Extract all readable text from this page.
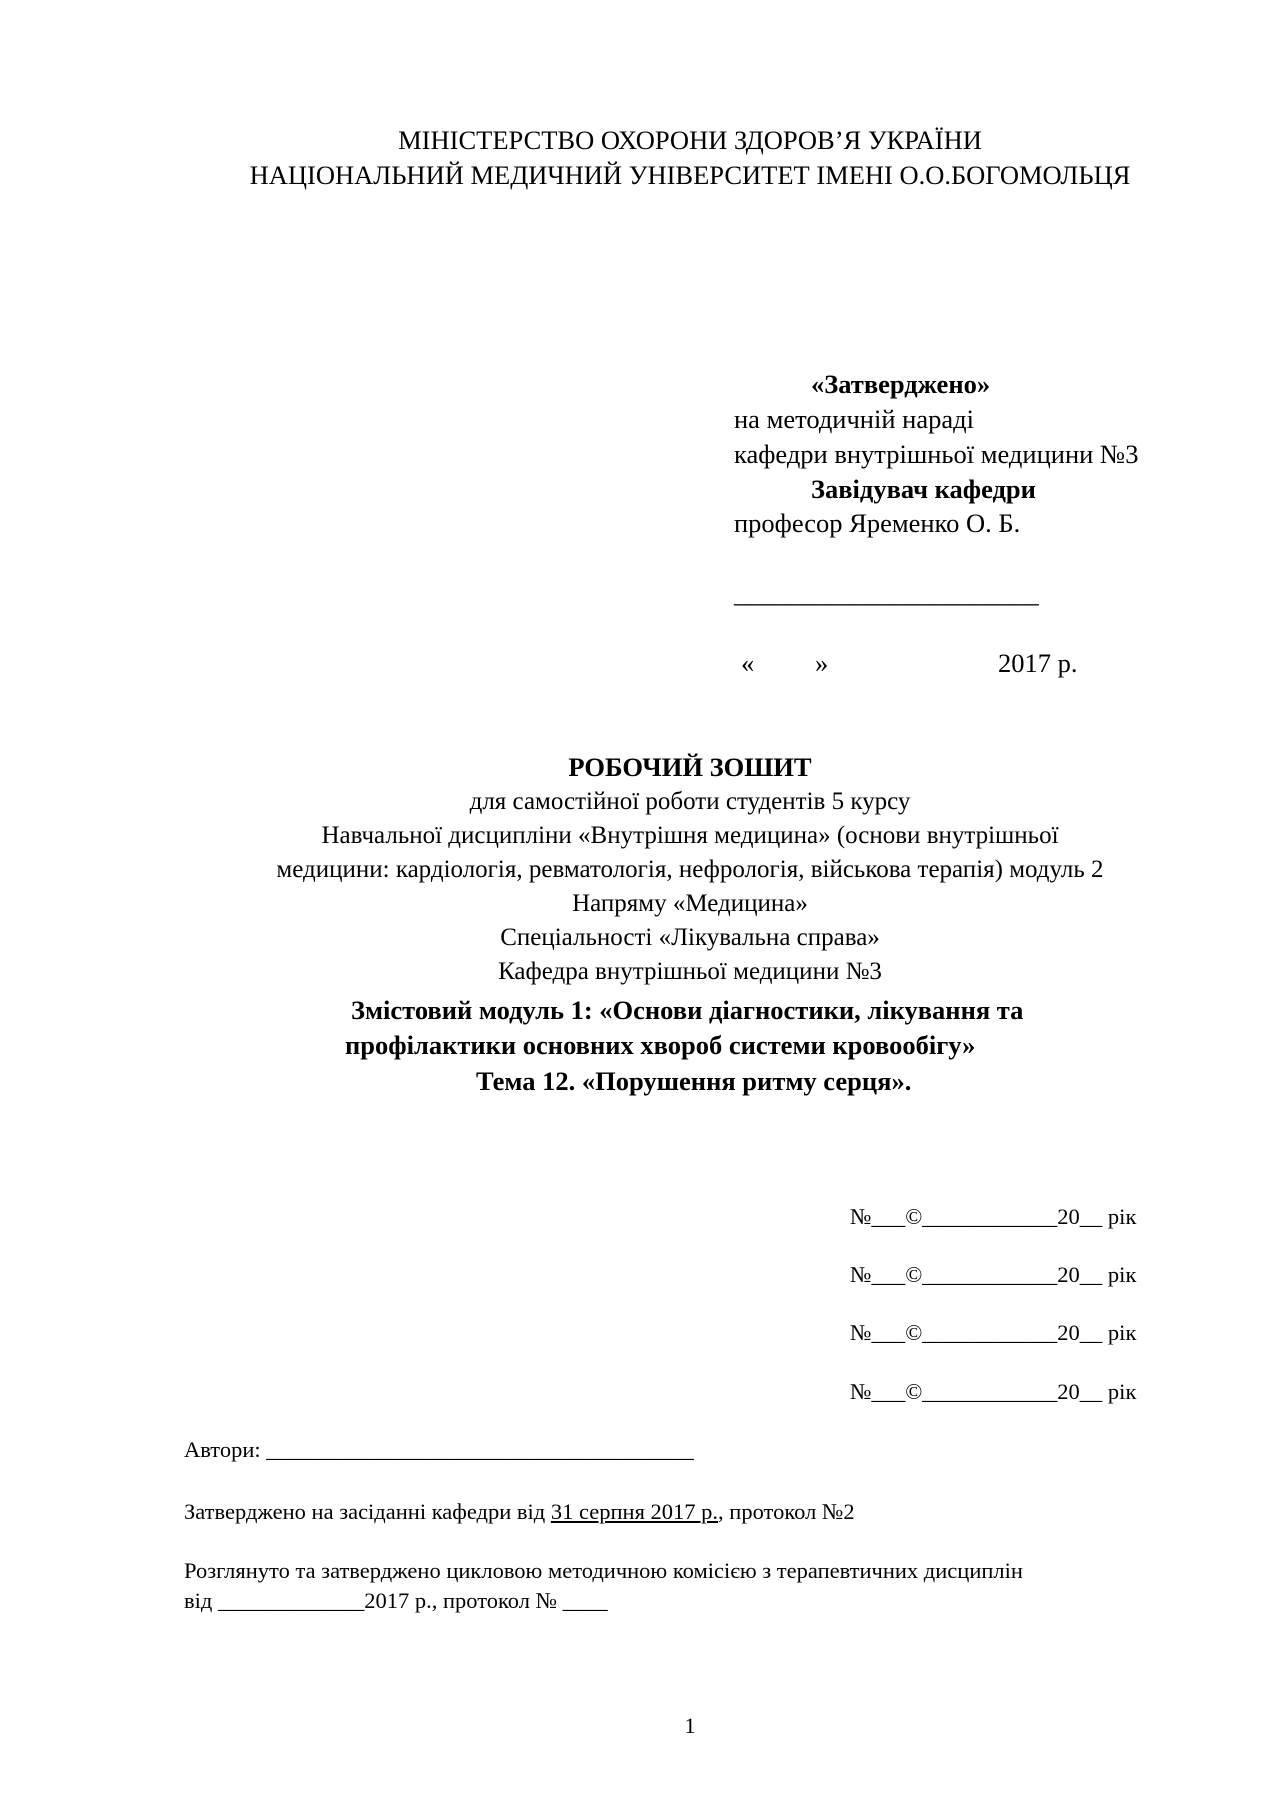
МІНІСТЕРСТВО ОХОРОНИ ЗДОРОВ’Я УКРАЇНИ
НАЦІОНАЛЬНИЙ МЕДИЧНИЙ УНІВЕРСИТЕТ ІМЕНІ О.О.БОГОМОЛЬЦЯ
«Затверджено»
на методичній нараді
кафедри внутрішньої медицини №3
Завідувач кафедри
професор Яременко О. Б.
_______________________
« »	2017 р.
РОБОЧИЙ ЗОШИТ
для самостійної роботи студентів 5 курсу
Навчальної дисципліни «Внутрішня медицина» (основи внутрішньої
медицини: кардіологія, ревматологія, нефрологія, військова терапія) модуль 2
Напряму «Медицина»
Спеціальності «Лікувальна справа»
Кафедра внутрішньої медицини №3
Змістовий модуль 1: «Основи діагностики, лікування та
профілактики основних хвороб системи кровообігу»
Тема 12. «Порушення ритму серця».
№___©____________20__ рік
№___©____________20__ рік
№___©____________20__ рік
№___©____________20__ рік
Автори: ______________________________________
Затверджено на засіданні кафедри від 31 серпня 2017 р., протокол №2
Розглянуто та затверджено цикловою методичною комісією з терапевтичних дисциплін
від _____________2017 р., протокол № ____
1
